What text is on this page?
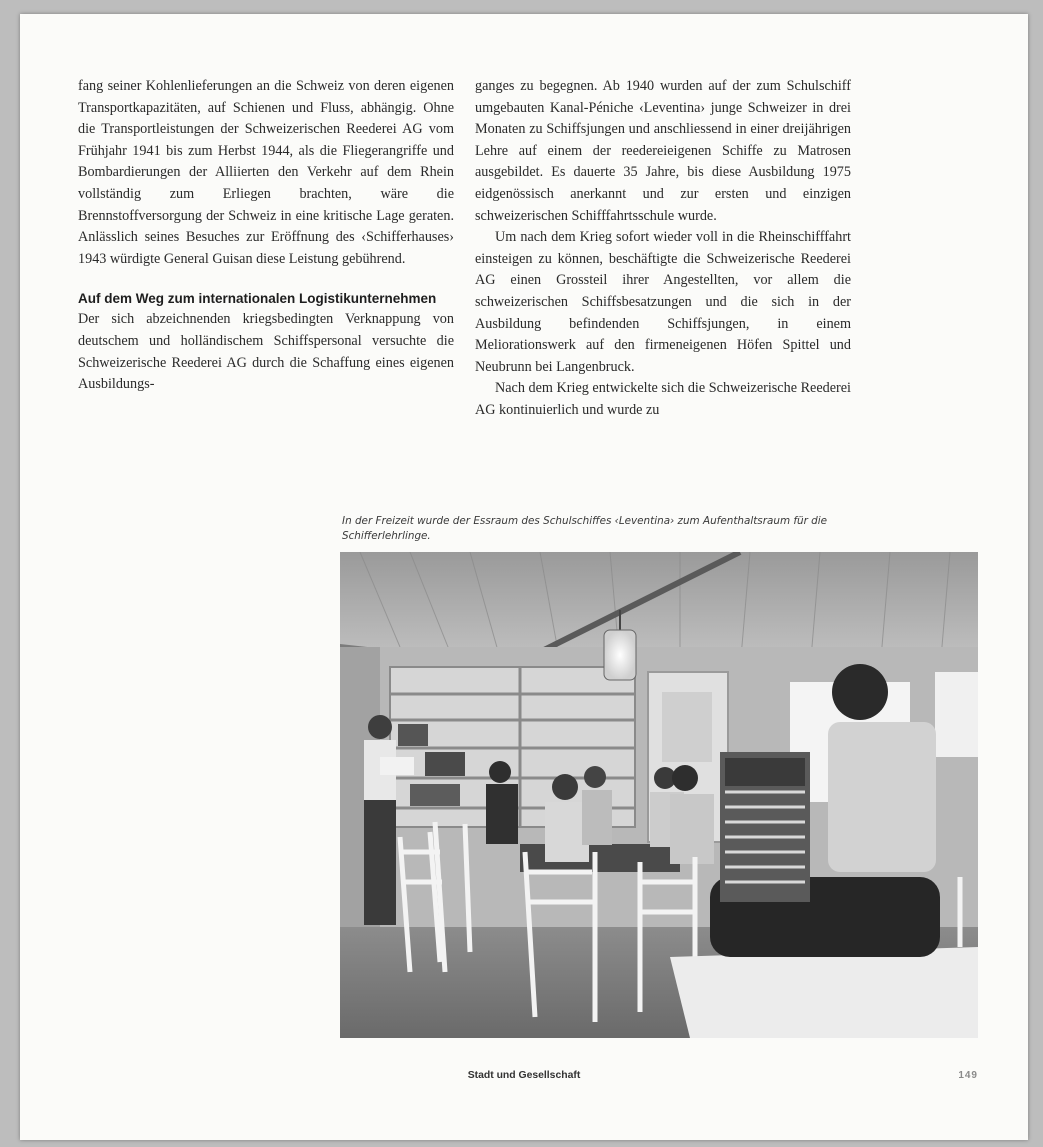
fang seiner Kohlenlieferungen an die Schweiz von deren eigenen Transportkapazitäten, auf Schienen und Fluss, abhängig. Ohne die Transportleistungen der Schweizerischen Reederei AG vom Frühjahr 1941 bis zum Herbst 1944, als die Fliegerangriffe und Bombardierungen der Alliierten den Verkehr auf dem Rhein vollständig zum Erliegen brachten, wäre die Brennstoffversorgung der Schweiz in eine kritische Lage geraten. Anlässlich seines Besuches zur Eröffnung des ‹Schifferhauses› 1943 würdigte General Guisan diese Leistung gebührend.

Auf dem Weg zum internationalen Logistikunternehmen

Der sich abzeichnenden kriegsbedingten Verknappung von deutschem und holländischem Schiffspersonal versuchte die Schweizerische Reederei AG durch die Schaffung eines eigenen Ausbildungs-

ganges zu begegnen. Ab 1940 wurden auf der zum Schulschiff umgebauten Kanal-Péniche ‹Leventina› junge Schweizer in drei Monaten zu Schiffsjungen und anschliessend in einer dreijährigen Lehre auf einem der reedereieigenen Schiffe zu Matrosen ausgebildet. Es dauerte 35 Jahre, bis diese Ausbildung 1975 eidgenössisch anerkannt und zur ersten und einzigen schweizerischen Schifffahrtsschule wurde.

Um nach dem Krieg sofort wieder voll in die Rheinschifffahrt einsteigen zu können, beschäftigte die Schweizerische Reederei AG einen Grossteil ihrer Angestellten, vor allem die schweizerischen Schiffsbesatzungen und die sich in der Ausbildung befindenden Schiffsjungen, in einem Meliorationswerk auf den firmeneigenen Höfen Spittel und Neubrunn bei Langenbruck.

Nach dem Krieg entwickelte sich die Schweizerische Reederei AG kontinuierlich und wurde zu

In der Freizeit wurde der Essraum des Schulschiffes ‹Leventina› zum Aufenthaltsraum für die Schifferlehrlinge.
Stadt und Gesellschaft	149
